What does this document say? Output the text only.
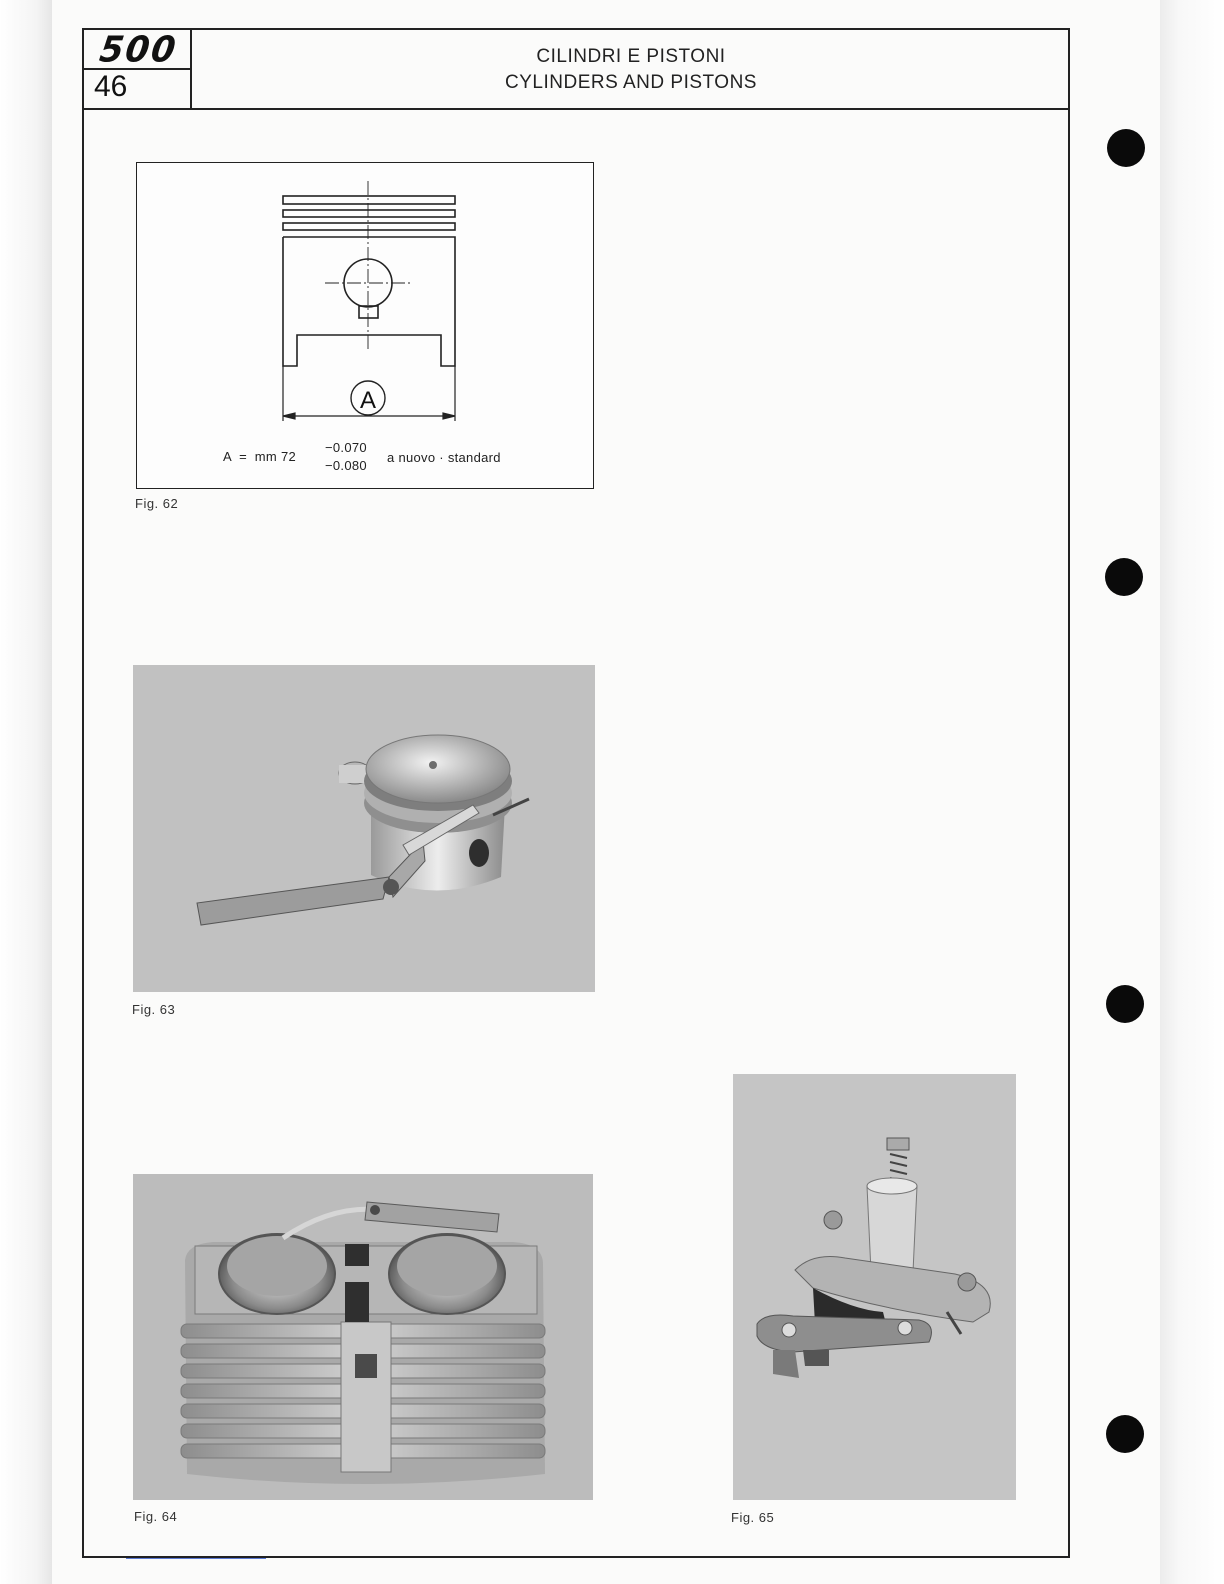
500
46
CILINDRI E PISTONI
CYLINDERS AND PISTONS
A
A  =  mm 72
−0.070
−0.080
a nuovo · standard
Fig. 62
Fig. 63
Fig. 64	Fig. 65
